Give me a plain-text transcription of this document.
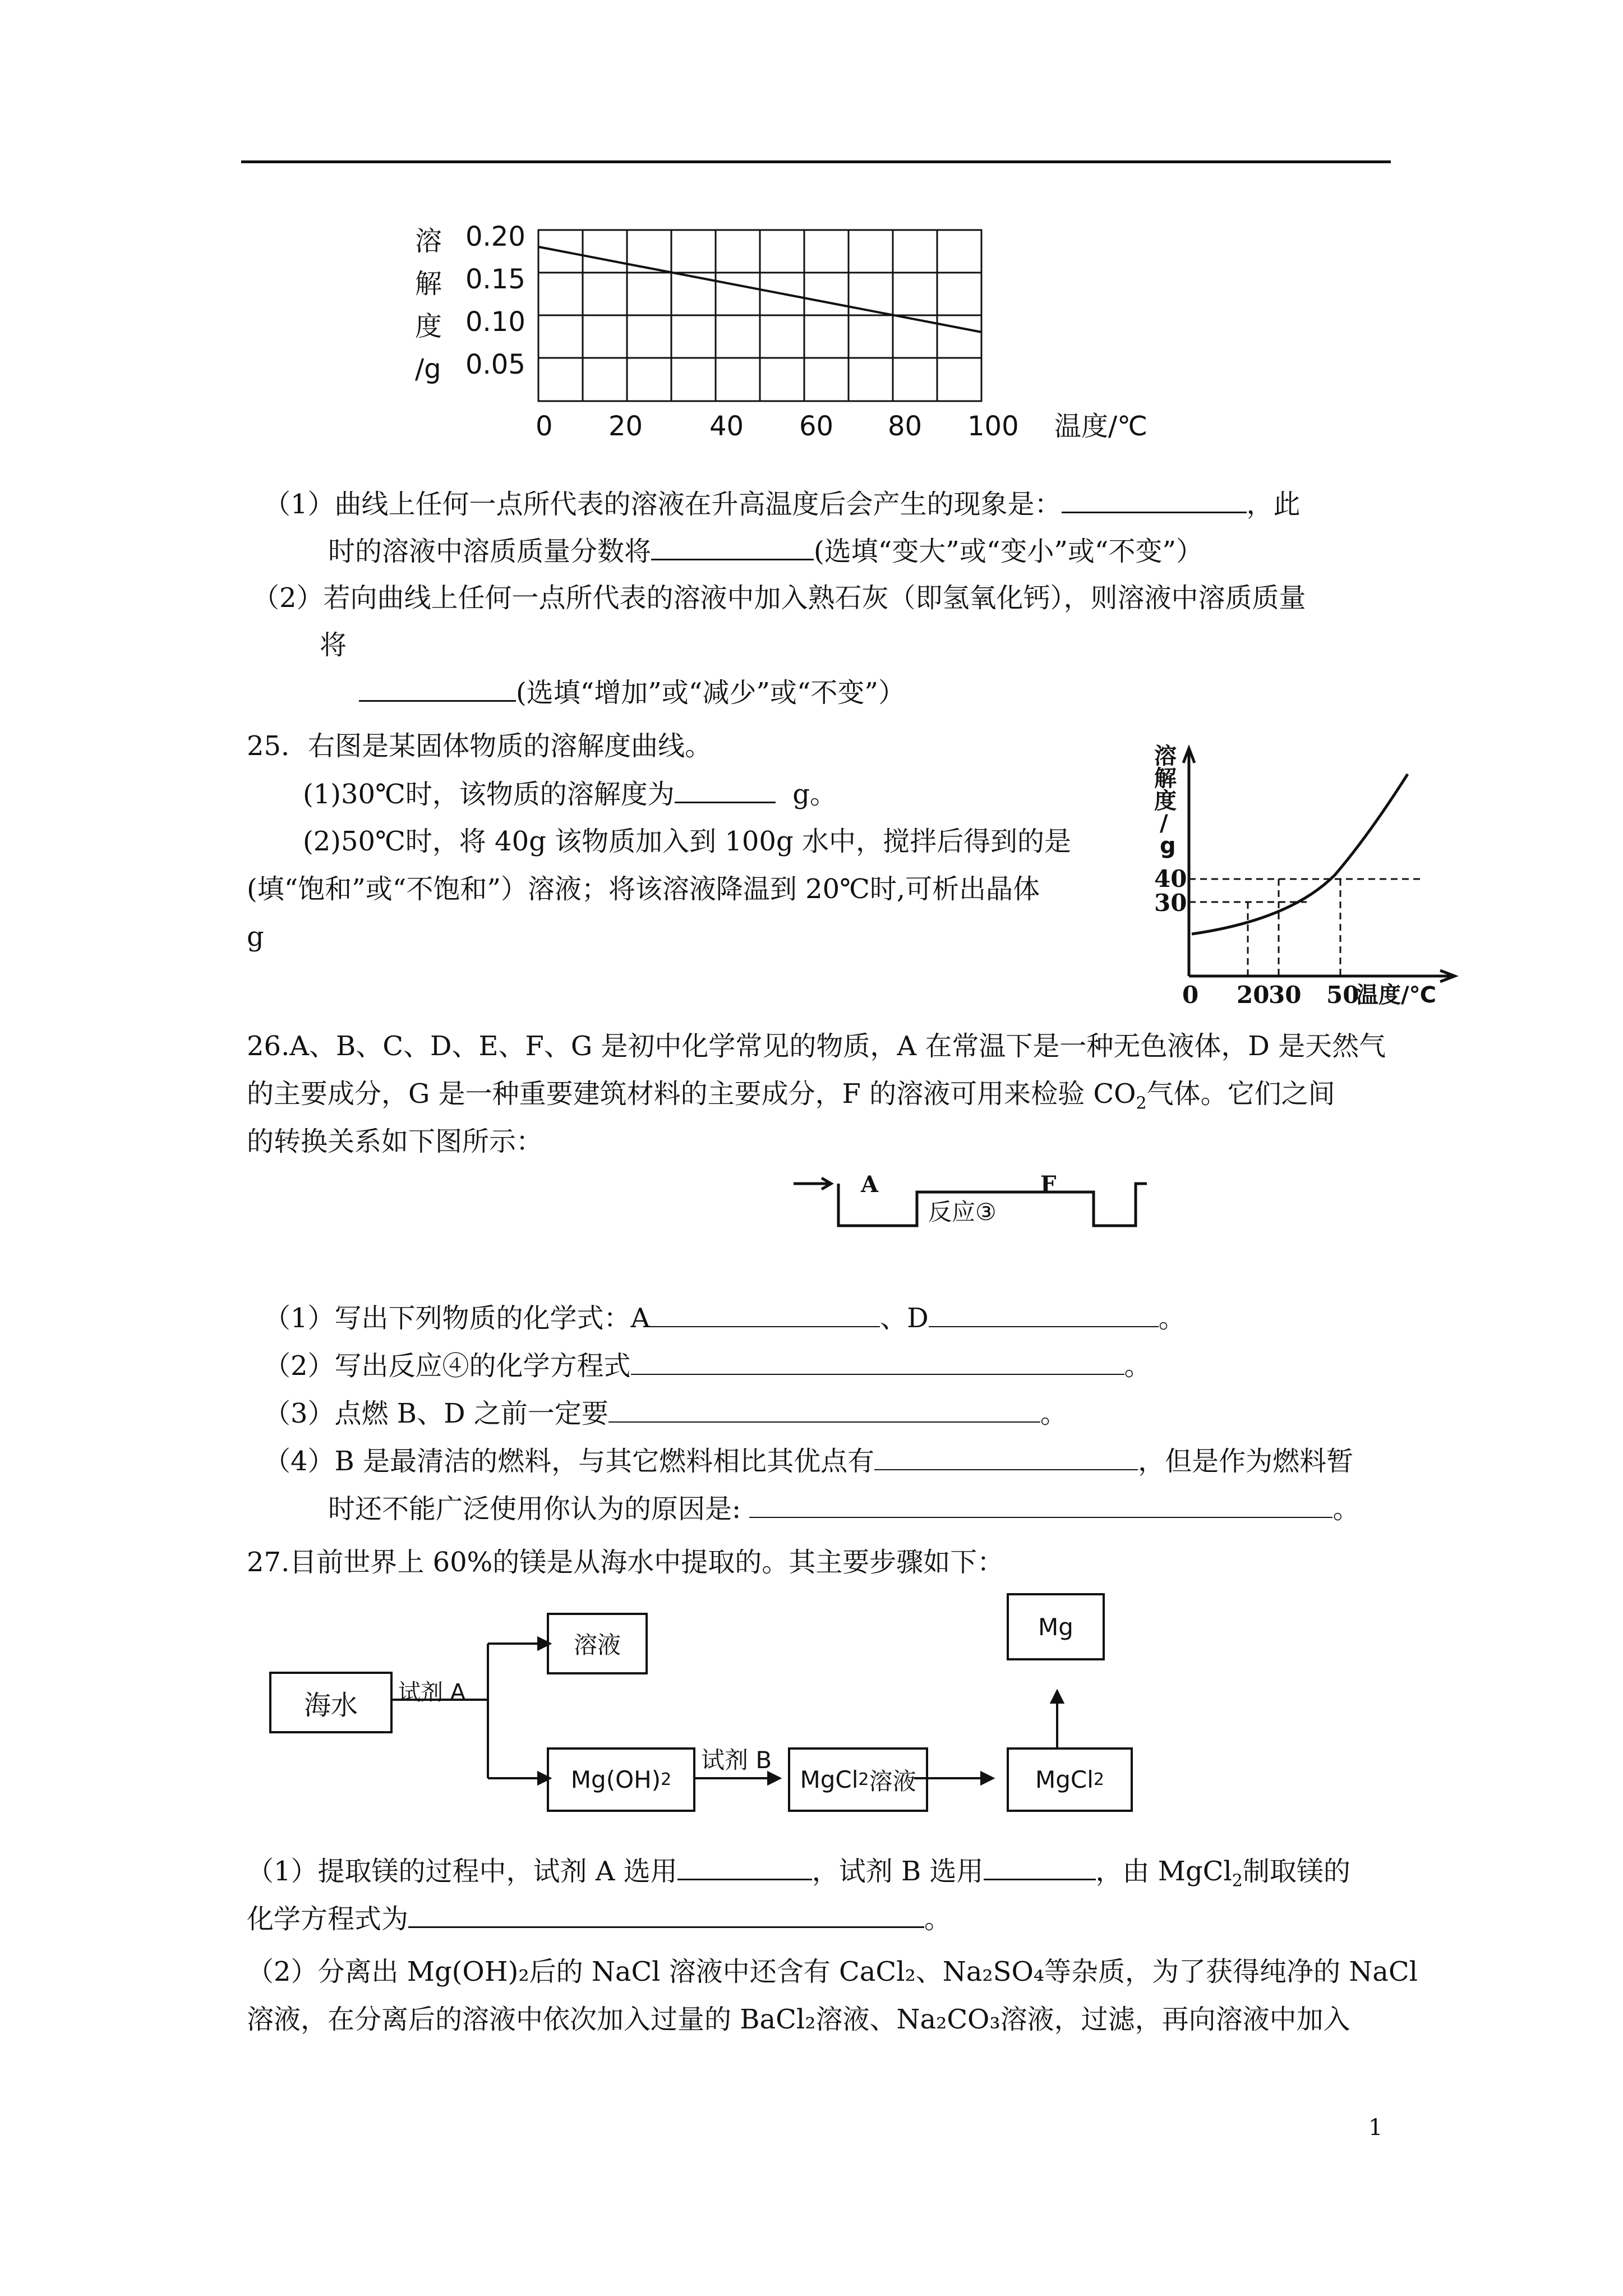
溶
解
度
/g
0.20
0.15
0.10
0.05
0 20 40 60 80 100 温度/℃
（1）曲线上任何一点所代表的溶液在升高温度后会产生的现象是：	，此
时的溶液中溶质质量分数将	(选填“变大”或“变小”或“不变”）
（2）若向曲线上任何一点所代表的溶液中加入熟石灰（即氢氧化钙），则溶液中溶质质量
将
(选填“增加”或“减少”或“不变”）
25．右图是某固体物质的溶解度曲线。
(1)30℃时，该物质的溶解度为	g。
(2)50℃时，将 40g 该物质加入到 100g 水中，搅拌后得到的是
(填“饱和”或“不饱和”）溶液；将该溶液降温到 20℃时,可析出晶体
g
溶
解
度
/
g
40
30
0 20
30 50
温度/℃
26.A、B、C、D、E、F、G 是初中化学常见的物质，A 在常温下是一种无色液体，D 是天然气
的主要成分，G 是一种重要建筑材料的主要成分，F 的溶液可用来检验 $CO_2$气体。它们之间
的转换关系如下图所示：
A
反应③
F
（1）写出下列物质的化学式：A	、D	。
（2）写出反应④的化学方程式	。
（3）点燃 B、D 之前一定要	。
（4）B 是最清洁的燃料，与其它燃料相比其优点有	，但是作为燃料暂
时还不能广泛使用你认为的原因是:	。
27.目前世界上 60%的镁是从海水中提取的。其主要步骤如下：
海水	试剂 A
溶液
Mg(OH) 2
试剂 B
MgCl 2 溶液	MgCl 2
Mg
（1）提取镁的过程中，试剂 A 选用	，试剂 B 选用	，由 MgCl$_2$制取镁的
化学方程式为	。
（2）分离出 Mg(OH)₂后的 NaCl 溶液中还含有 CaCl₂、Na₂SO₄等杂质，为了获得纯净的 NaCl
溶液，在分离后的溶液中依次加入过量的 BaCl₂溶液、Na₂CO₃溶液，过滤，再向溶液中加入
1
